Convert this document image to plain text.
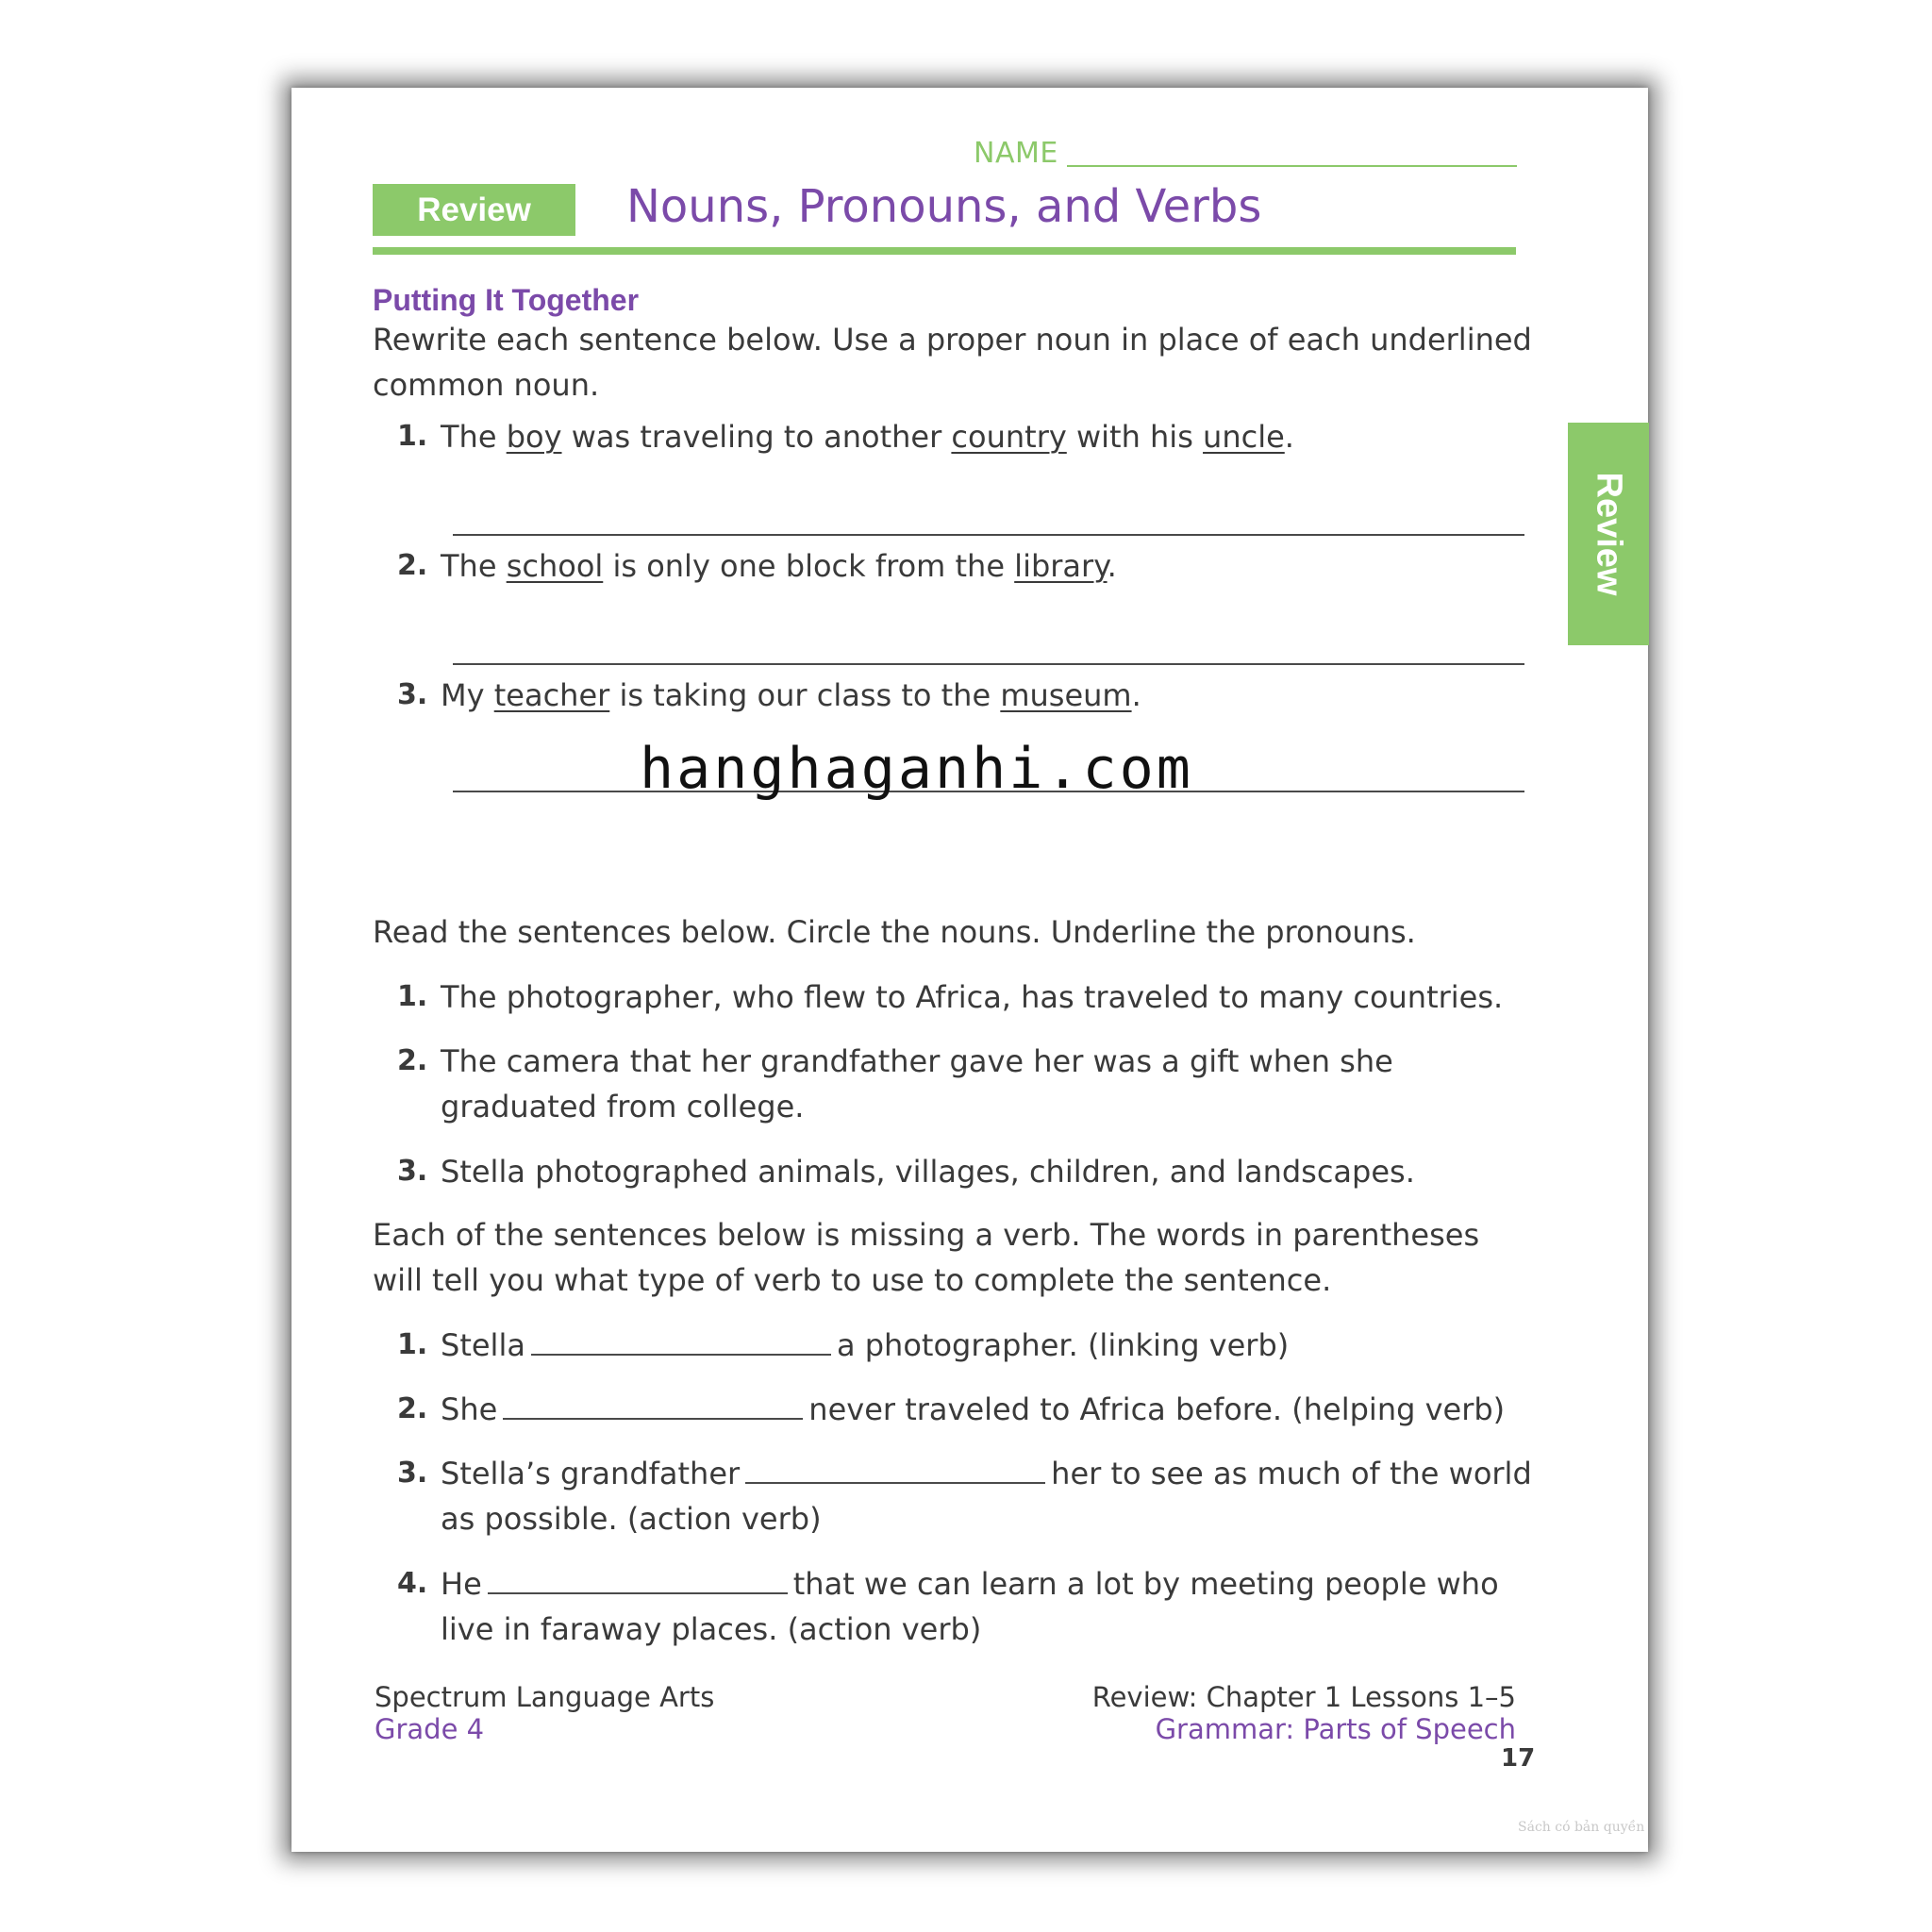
NAME
Review	Nouns, Pronouns, and Verbs
Review
Putting It Together
Rewrite each sentence below. Use a proper noun in place of each underlined common noun.
1. The boy was traveling to another country with his uncle.
2. The school is only one block from the library.
3. My teacher is taking our class to the museum.
Read the sentences below. Circle the nouns. Underline the pronouns.
1. The photographer, who flew to Africa, has traveled to many countries.
2. The camera that her grandfather gave her was a gift when she graduated from college.
3. Stella photographed animals, villages, children, and landscapes.
Each of the sentences below is missing a verb. The words in parentheses will tell you what type of verb to use to complete the sentence.
1. Stella	a photographer. (linking verb)
2. She	never traveled to Africa before. (helping verb)
3. Stella’s grandfather	her to see as much of the world as possible. (action verb)
4. He	that we can learn a lot by meeting people who live in faraway places. (action verb)
Spectrum Language Arts
Grade 4
Review: Chapter 1 Lessons 1–5
Grammar: Parts of Speech
17
Sách có bản quyền
hanghaganhi.com
